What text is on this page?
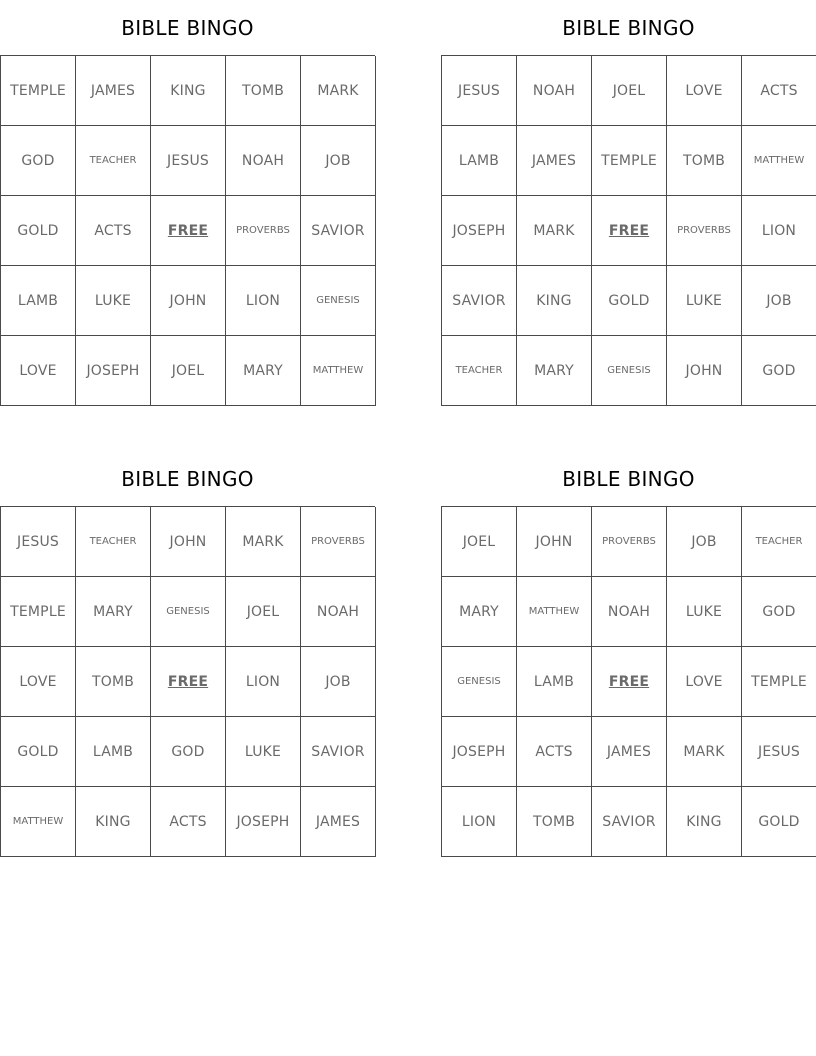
BIBLE BINGO
TEMPLE	JAMES	KING	TOMB	MARK
GOD	TEACHER	JESUS	NOAH	JOB
GOLD	ACTS	FREE	PROVERBS	SAVIOR
LAMB	LUKE	JOHN	LION	GENESIS
LOVE	JOSEPH	JOEL	MARY	MATTHEW
BIBLE BINGO
JESUS	NOAH	JOEL	LOVE	ACTS
LAMB	JAMES	TEMPLE	TOMB	MATTHEW
JOSEPH	MARK	FREE	PROVERBS	LION
SAVIOR	KING	GOLD	LUKE	JOB
TEACHER	MARY	GENESIS	JOHN	GOD
BIBLE BINGO
JESUS	TEACHER	JOHN	MARK	PROVERBS
TEMPLE	MARY	GENESIS	JOEL	NOAH
LOVE	TOMB	FREE	LION	JOB
GOLD	LAMB	GOD	LUKE	SAVIOR
MATTHEW	KING	ACTS	JOSEPH	JAMES
BIBLE BINGO
JOEL	JOHN	PROVERBS	JOB	TEACHER
MARY	MATTHEW	NOAH	LUKE	GOD
GENESIS	LAMB	FREE	LOVE	TEMPLE
JOSEPH	ACTS	JAMES	MARK	JESUS
LION	TOMB	SAVIOR	KING	GOLD
